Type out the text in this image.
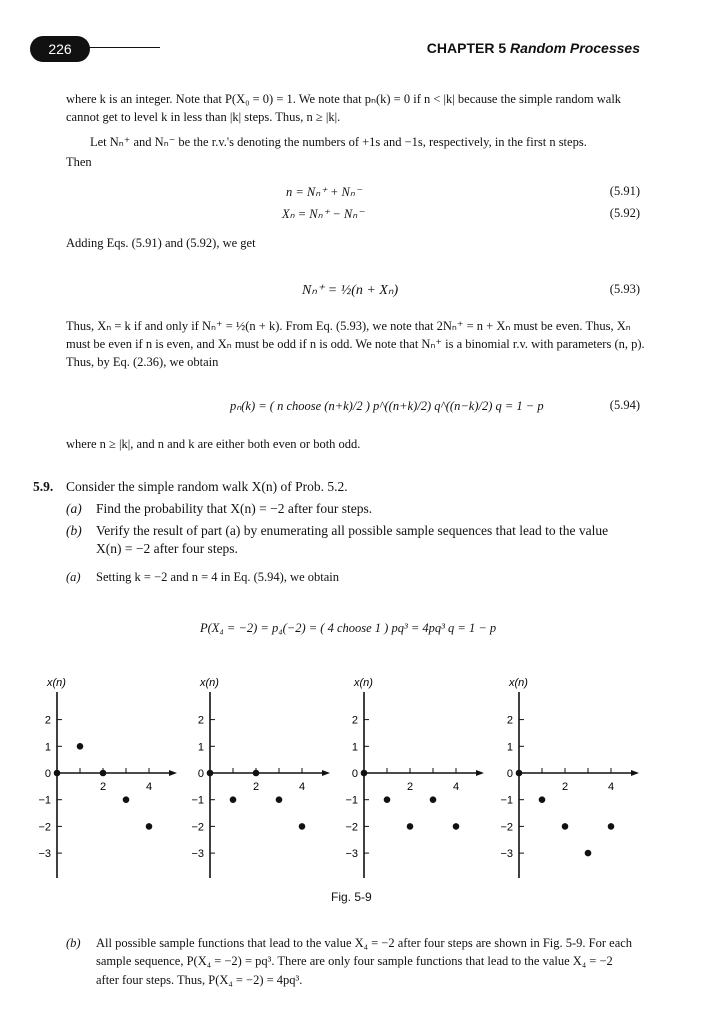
226	CHAPTER 5 Random Processes
where k is an integer. Note that P(X₀ = 0) = 1. We note that pₙ(k) = 0 if n < |k| because the simple random walk
cannot get to level k in less than |k| steps. Thus, n ≥ |k|.
Let Nₙ⁺ and Nₙ⁻ be the r.v.'s denoting the numbers of +1s and −1s, respectively, in the first n steps.
Then
n = Nₙ⁺ + Nₙ⁻	(5.91)
Xₙ = Nₙ⁺ − Nₙ⁻	(5.92)
Adding Eqs. (5.91) and (5.92), we get
Nₙ⁺ = ½(n + Xₙ)	(5.93)
Thus, Xₙ = k if and only if Nₙ⁺ = ½(n + k). From Eq. (5.93), we note that 2Nₙ⁺ = n + Xₙ must be even. Thus, Xₙ
must be even if n is even, and Xₙ must be odd if n is odd. We note that Nₙ⁺ is a binomial r.v. with parameters (n, p).
Thus, by Eq. (2.36), we obtain
pₙ(k) = ( n choose (n+k)/2 ) p^((n+k)/2) q^((n−k)/2) q = 1 − p	(5.94)
where n ≥ |k|, and n and k are either both even or both odd.
5.9. Consider the simple random walk X(n) of Prob. 5.2.
(a) Find the probability that X(n) = −2 after four steps.
(b) Verify the result of part (a) by enumerating all possible sample sequences that lead to the value
X(n) = −2 after four steps.
(a) Setting k = −2 and n = 4 in Eq. (5.94), we obtain
P(X₄ = −2) = p₄(−2) = ( 4 choose 1 ) pq³ = 4pq³ q = 1 − p
x(n)
2
1
0
−1
−2
−3
2	4
x(n)
2
1
0
−1
−2
−3
2	4
x(n)
2
1
0
−1
−2
−3
2	4
x(n)
2
1
0
−1
−2
−3
2	4
Fig. 5-9
(b) All possible sample functions that lead to the value X₄ = −2 after four steps are shown in Fig. 5-9. For each
sample sequence, P(X₄ = −2) = pq³. There are only four sample functions that lead to the value X₄ = −2
after four steps. Thus, P(X₄ = −2) = 4pq³.
